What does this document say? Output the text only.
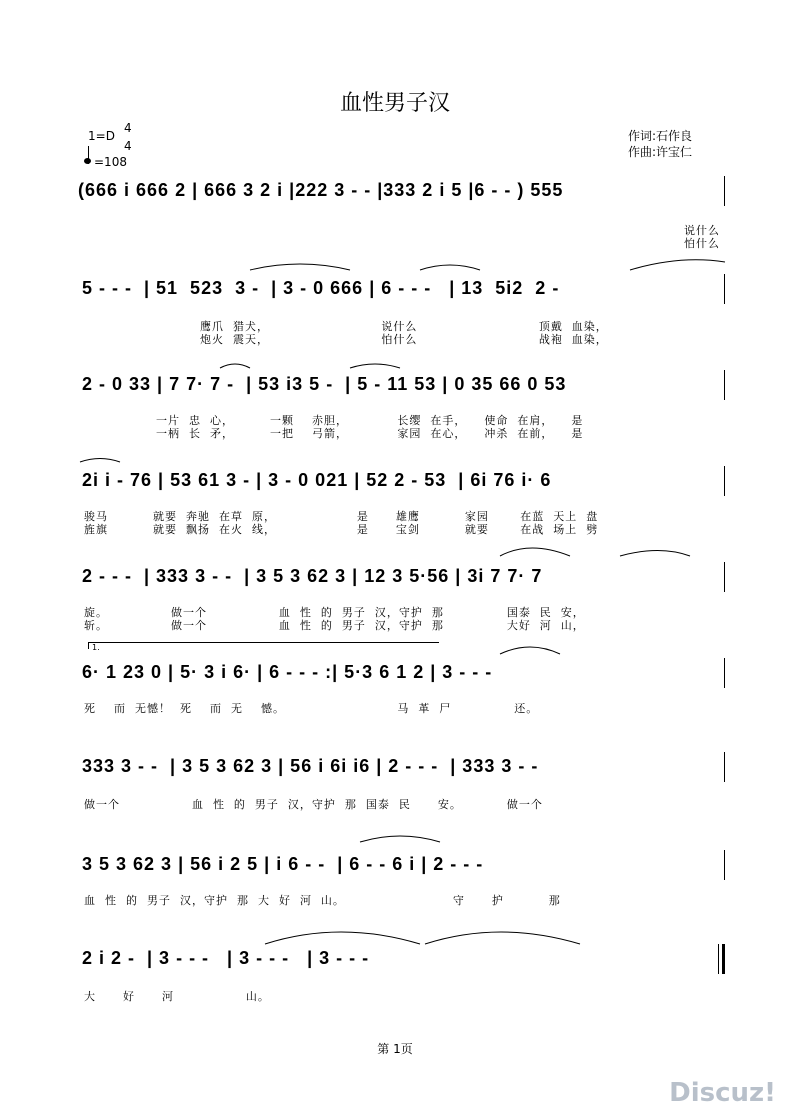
血性男子汉
1=D
4
4
=108
作词:石作良
作曲:许宝仁
(666 i 666 2 | 666 3 2 i |222 3 - - |333 2 i 5 |6 - - ) 555
说什么
怕什么
5 - - -  | 51  523  3 -  | 3 - 0 666 | 6 - - -   | 13  5i2  2 -
鹰爪  猎犬，                         说什么                           顶戴  血染，
炮火  震天，                         怕什么                           战袍  血染，
2 - 0 33 | 7 7· 7 -  | 53 i3 5 -  | 5 - 11 53 | 0 35 66 0 53
一片  忠  心，        一颗    赤胆，           长缨  在手，    使命  在肩，    是
一柄  长  矛，        一把    弓箭，           家园  在心，    冲杀  在前，    是
2i i - 76 | 53 61 3 - | 3 - 0 021 | 52 2 - 53  | 6i 76 i· 6
骏马          就要  奔驰  在草  原，                  是      雄鹰          家园       在蓝  天上  盘
旌旗          就要  飘扬  在火  线，                  是      宝剑          就要       在战  场上  劈
2 - - -  | 333 3 - -  | 3 5 3 62 3 | 12 3 5·56 | 3i 7 7· 7
旋。              做一个                血  性  的  男子  汉，守护  那              国泰  民  安，
斩。              做一个                血  性  的  男子  汉，守护  那              大好  河  山，
1.
6· 1 23 0 | 5· 3 i 6· | 6 - - - :| 5·3 6 1 2 | 3 - - -
死    而  无憾！  死    而  无    憾。                         马  革  尸              还。
333 3 - -  | 3 5 3 62 3 | 56 i 6i i6 | 2 - - -  | 333 3 - -
做一个                血  性  的  男子  汉，守护  那  国泰  民      安。          做一个
3 5 3 62 3 | 56 i 2 5 | i 6 - -  | 6 - - 6 i | 2 - - -
血  性  的  男子  汉，守护  那  大  好  河  山。                        守      护          那
2 i 2 -  | 3 - - -   | 3 - - -   | 3 - - -
大      好      河                山。
第 1页
Discuz!
